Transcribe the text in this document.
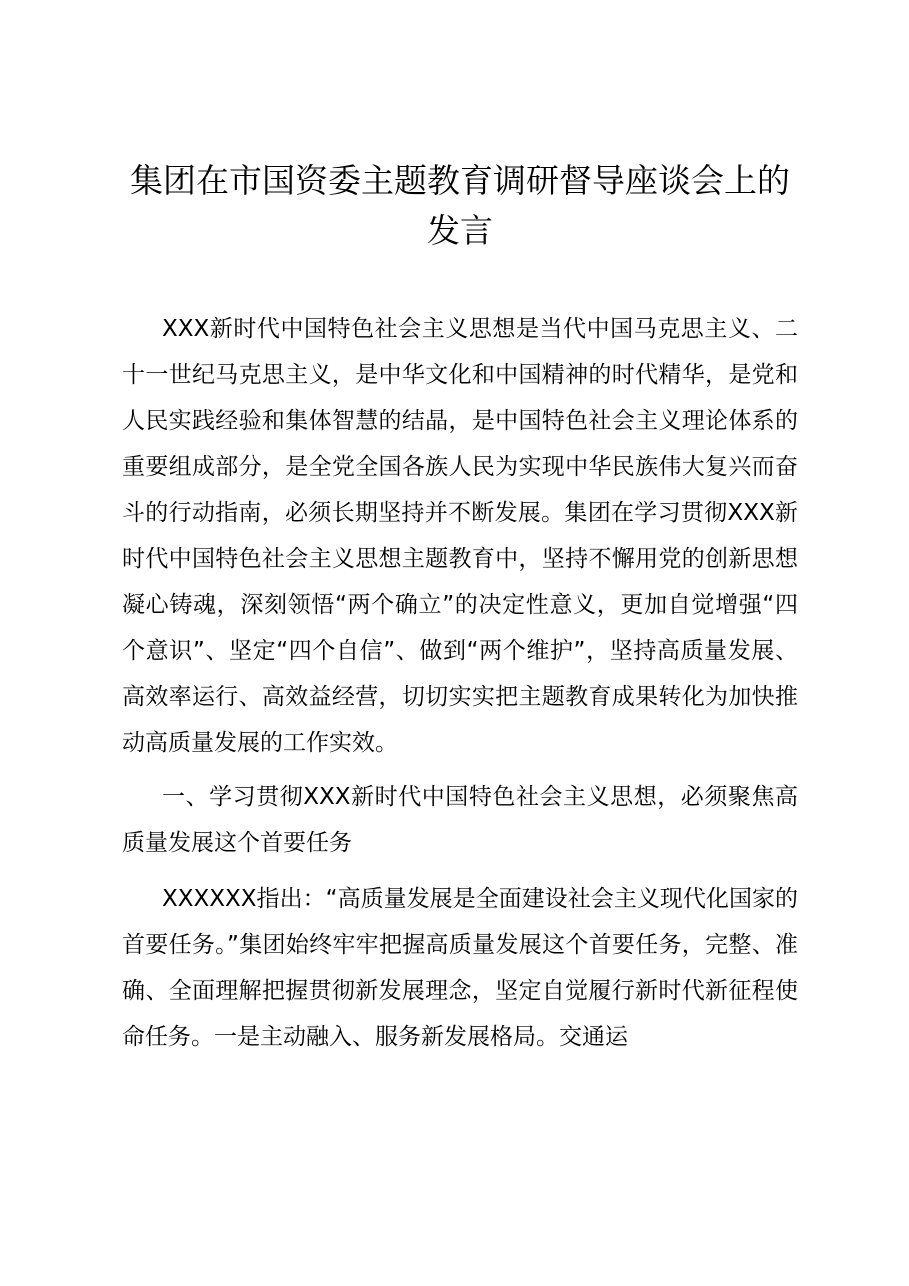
集团在市国资委主题教育调研督导座谈会上的发言

XXX新时代中国特色社会主义思想是当代中国马克思主义、二十一世纪马克思主义，是中华文化和中国精神的时代精华，是党和人民实践经验和集体智慧的结晶，是中国特色社会主义理论体系的重要组成部分，是全党全国各族人民为实现中华民族伟大复兴而奋斗的行动指南，必须长期坚持并不断发展。集团在学习贯彻XXX新时代中国特色社会主义思想主题教育中，坚持不懈用党的创新思想凝心铸魂，深刻领悟“两个确立”的决定性意义，更加自觉增强“四个意识”、坚定“四个自信”、做到“两个维护”，坚持高质量发展、高效率运行、高效益经营，切切实实把主题教育成果转化为加快推动高质量发展的工作实效。

一、学习贯彻XXX新时代中国特色社会主义思想，必须聚焦高质量发展这个首要任务

XXXXXX指出：“高质量发展是全面建设社会主义现代化国家的首要任务。”集团始终牢牢把握高质量发展这个首要任务，完整、准确、全面理解把握贯彻新发展理念，坚定自觉履行新时代新征程使命任务。一是主动融入、服务新发展格局。交通运
